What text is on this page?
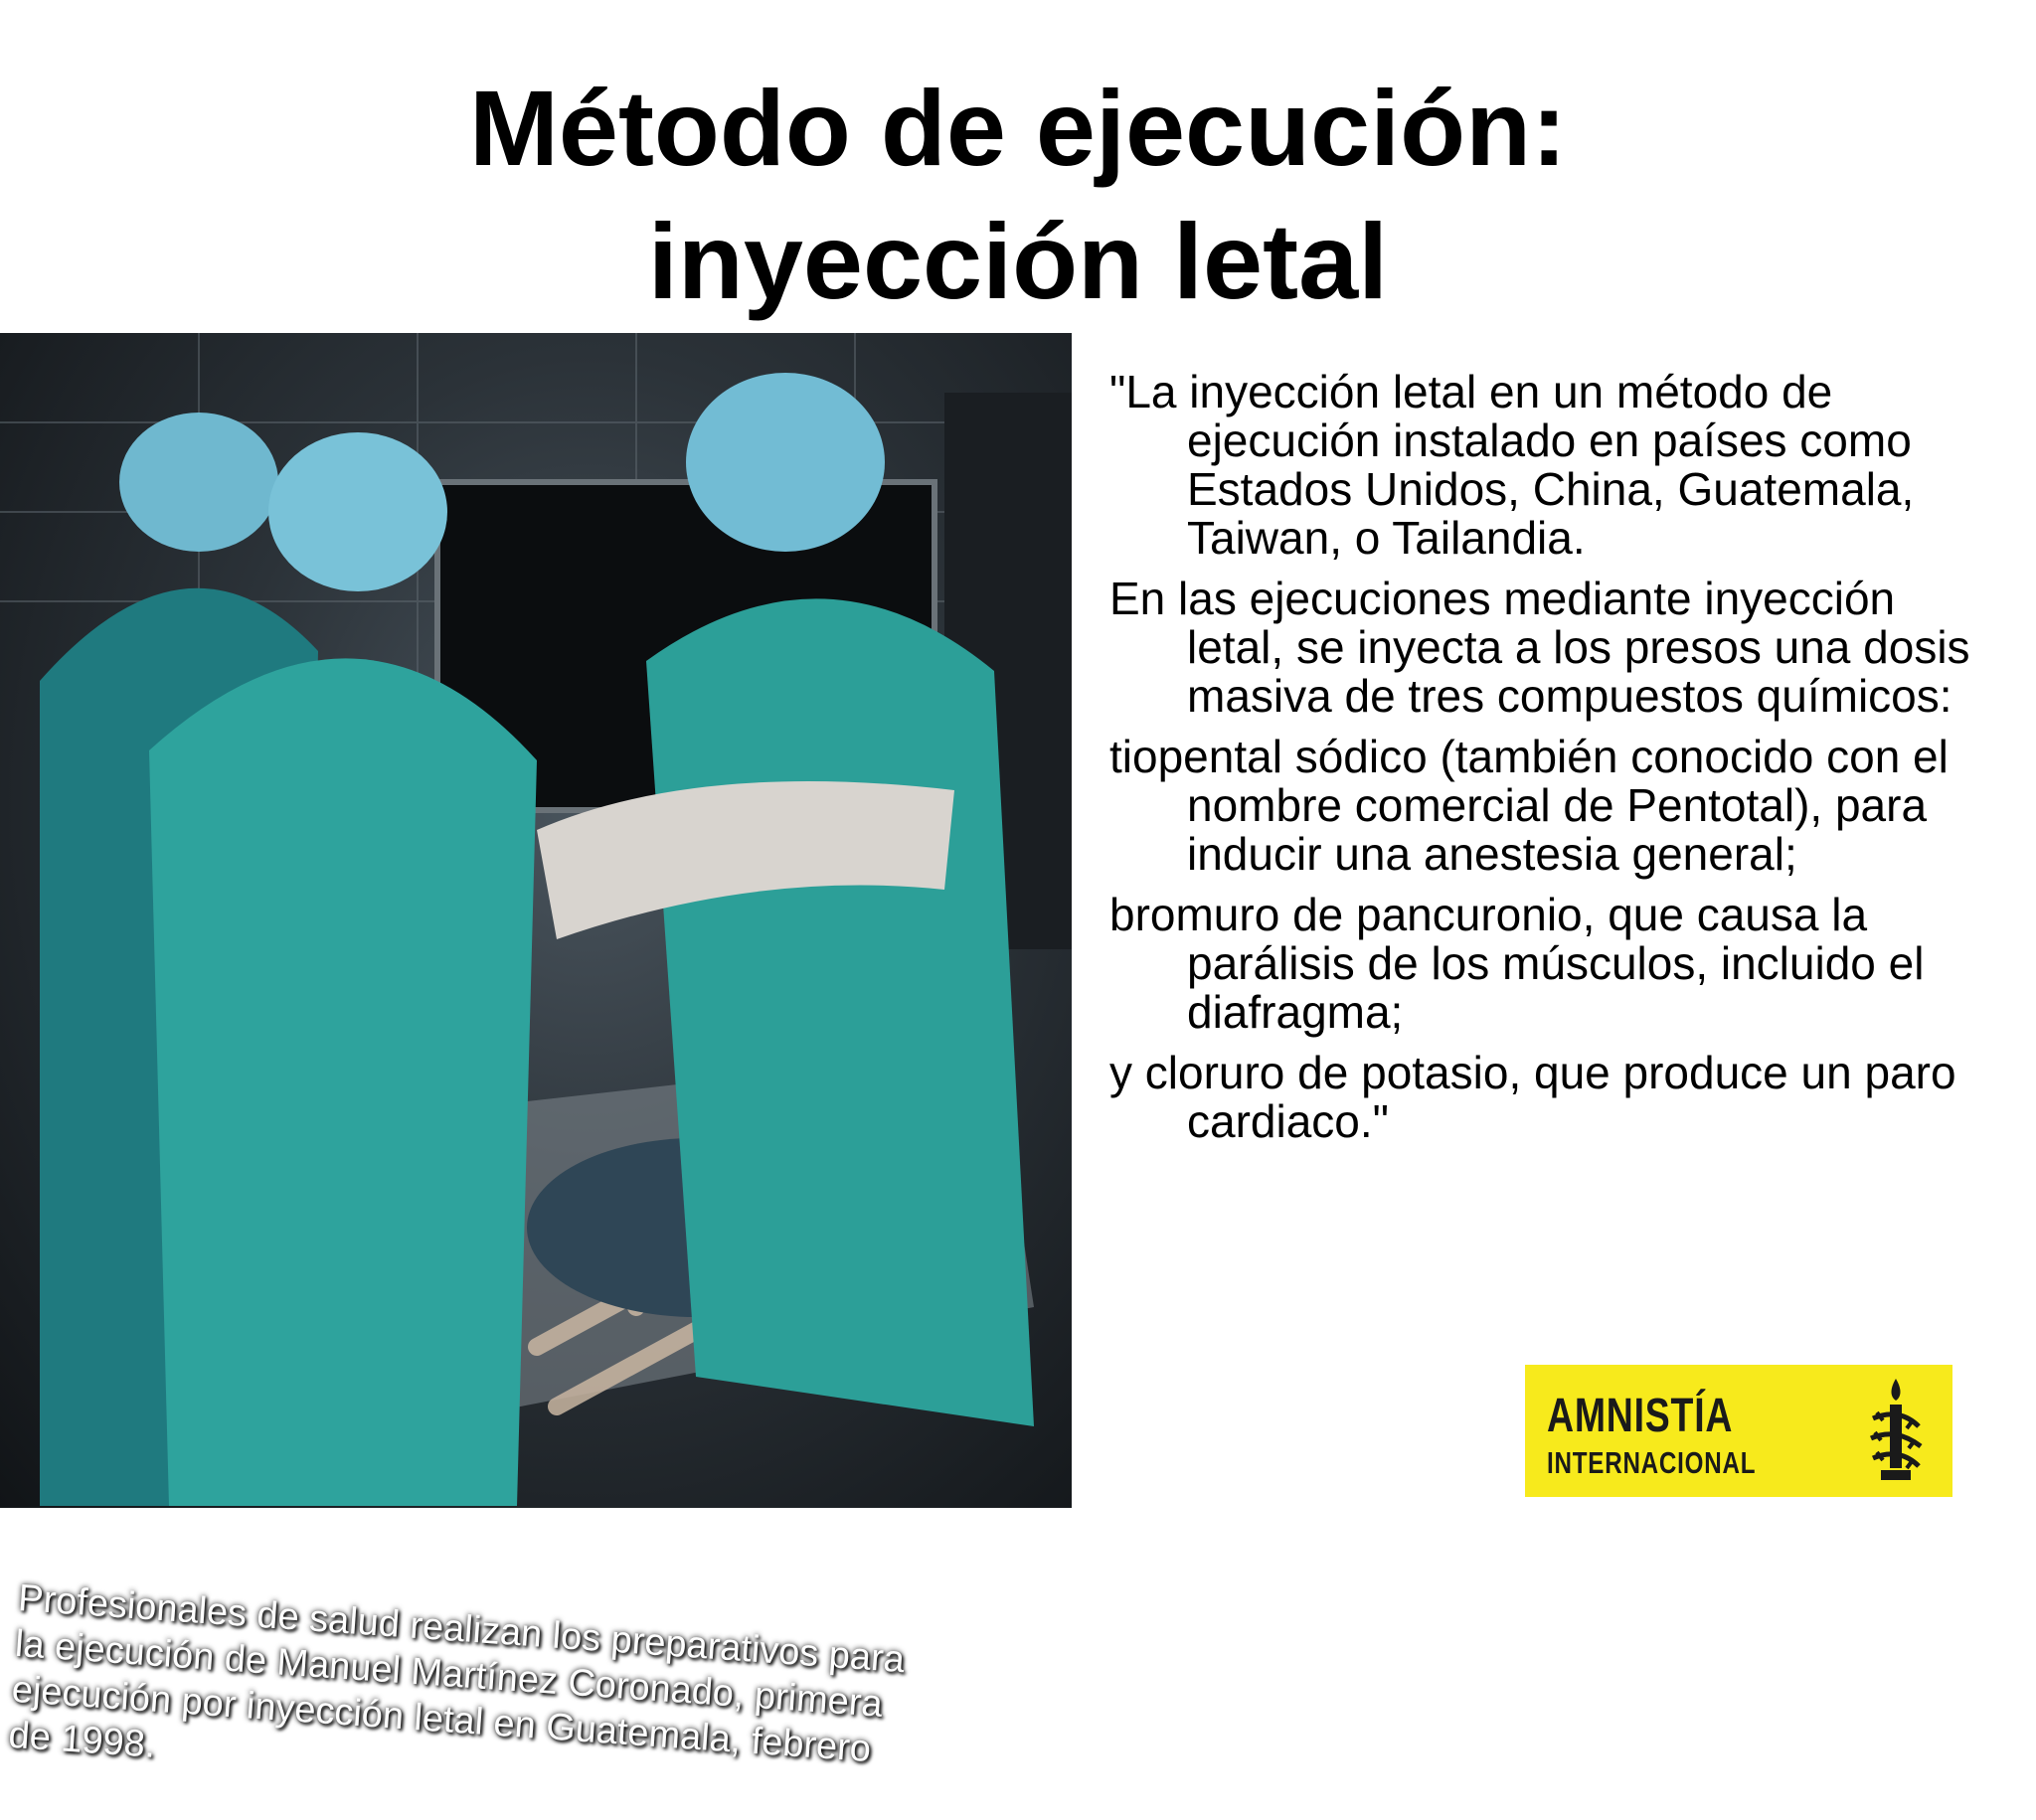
Método de ejecución:
inyección letal
Profesionales de salud realizan los preparativos para la ejecución de Manuel Martínez Coronado, primera ejecución por inyección letal en Guatemala, febrero de 1998.

"La inyección letal en un método de ejecución instalado en países como Estados Unidos, China, Guatemala, Taiwan, o Tailandia.

En las ejecuciones mediante inyección letal, se inyecta a los presos una dosis masiva de tres compuestos químicos:

tiopental sódico (también conocido con el nombre comercial de Pentotal), para inducir una anestesia general;

bromuro de pancuronio, que causa la parálisis de los músculos, incluido el diafragma;

y cloruro de potasio, que produce un paro cardiaco."

AMNISTÍA
INTERNACIONAL
